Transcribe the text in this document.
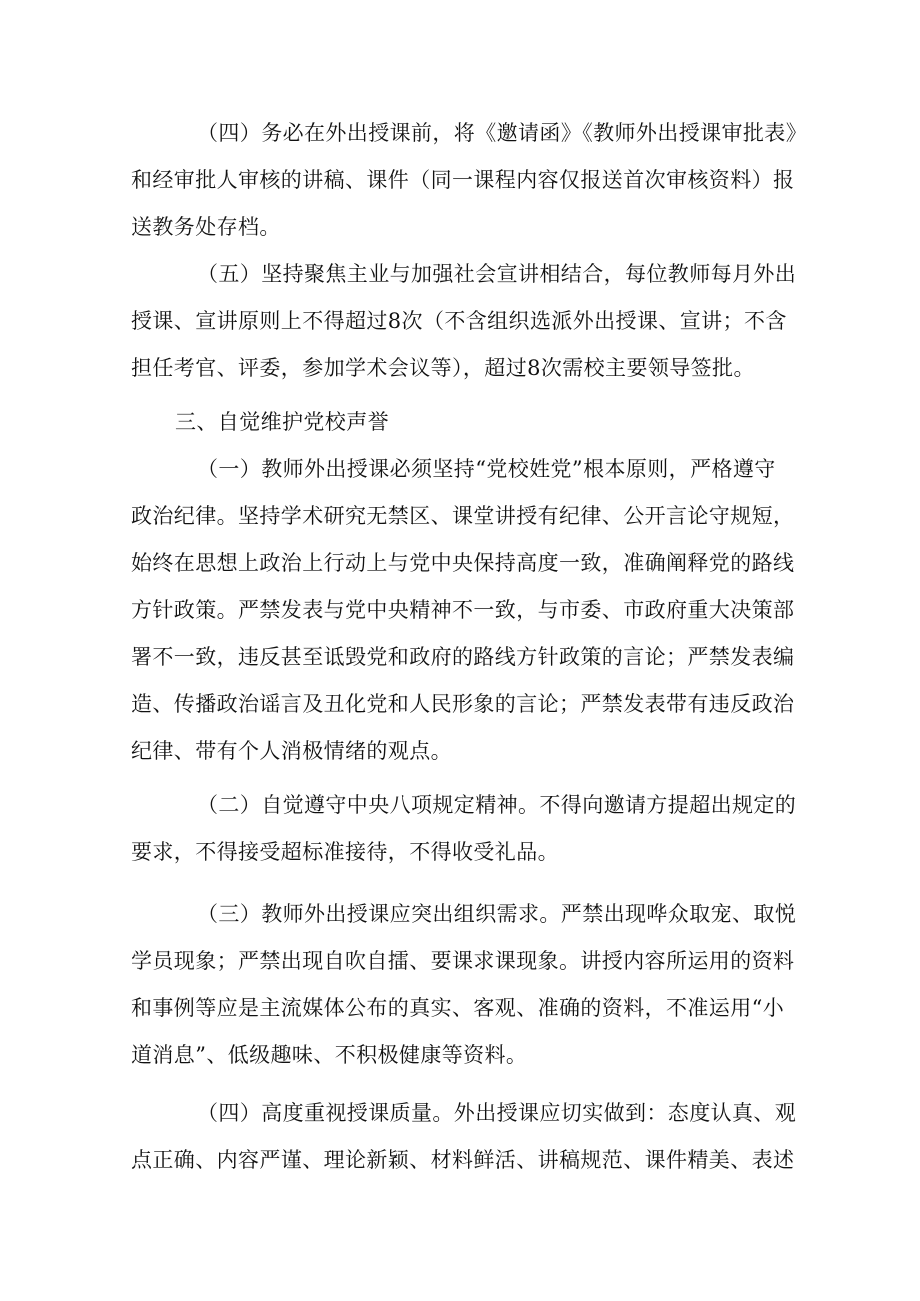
（四）务必在外出授课前，将《邀请函》《教师外出授课审批表》
和经审批人审核的讲稿、课件（同一课程内容仅报送首次审核资料）报
送教务处存档。
（五）坚持聚焦主业与加强社会宣讲相结合，每位教师每月外出
授课、宣讲原则上不得超过8次（不含组织选派外出授课、宣讲；不含
担任考官、评委，参加学术会议等），超过8次需校主要领导签批。
三、自觉维护党校声誉
（一）教师外出授课必须坚持“党校姓党”根本原则，严格遵守
政治纪律。坚持学术研究无禁区、课堂讲授有纪律、公开言论守规短，
始终在思想上政治上行动上与党中央保持高度一致，准确阐释党的路线
方针政策。严禁发表与党中央精神不一致，与市委、市政府重大决策部
署不一致，违反甚至诋毁党和政府的路线方针政策的言论；严禁发表编
造、传播政治谣言及丑化党和人民形象的言论；严禁发表带有违反政治
纪律、带有个人消极情绪的观点。
（二）自觉遵守中央八项规定精神。不得向邀请方提超出规定的
要求，不得接受超标准接待，不得收受礼品。
（三）教师外出授课应突出组织需求。严禁出现哗众取宠、取悦
学员现象；严禁出现自吹自擂、要课求课现象。讲授内容所运用的资料
和事例等应是主流媒体公布的真实、客观、准确的资料，不准运用“小
道消息”、低级趣味、不积极健康等资料。
（四）高度重视授课质量。外出授课应切实做到：态度认真、观
点正确、内容严谨、理论新颖、材料鲜活、讲稿规范、课件精美、表述
